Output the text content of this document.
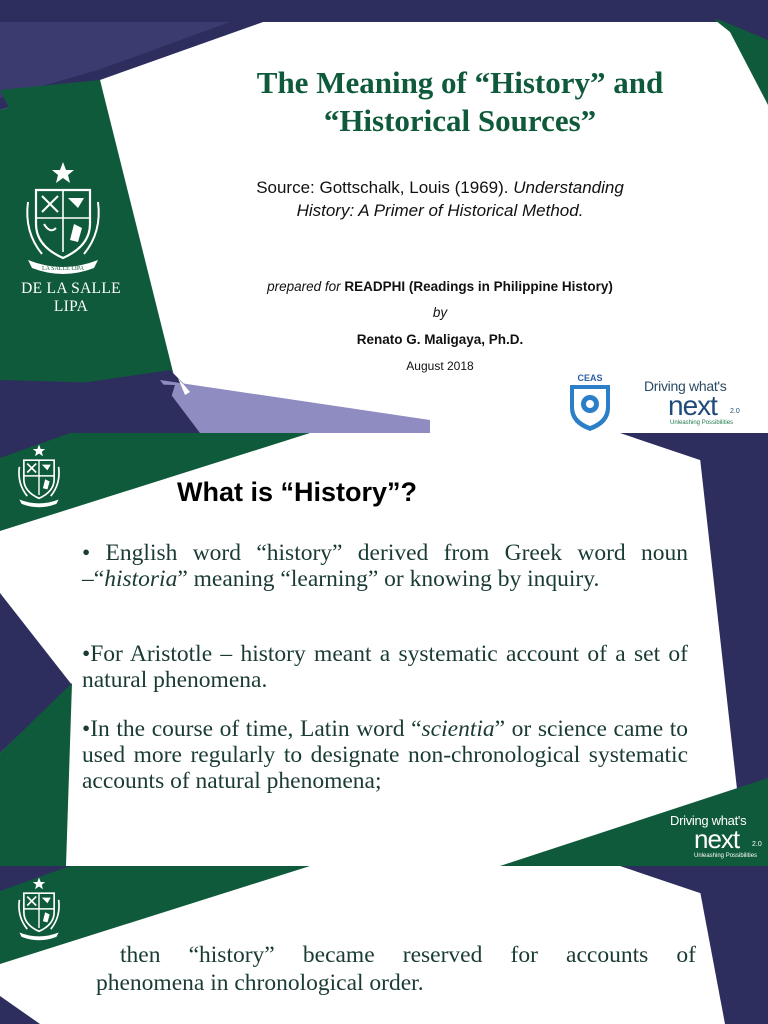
LA SALLE LIPA
DE LA SALLE LIPA
The Meaning of “History” and
“Historical Sources”
Source: Gottschalk, Louis (1969). Understanding
History: A Primer of Historical Method.
prepared for READPHI (Readings in Philippine History)
by
Renato G. Maligaya, Ph.D.
August 2018
CEAS	Driving what's
next 2.0
Unleashing Possibilities
What is “History”?
• English word “history” derived from Greek word noun –“historia” meaning “learning” or knowing by inquiry.
•For Aristotle – history meant a systematic account of a set of natural phenomena.
•In the course of time, Latin word “scientia” or science came to used more regularly to designate non-chronological systematic accounts of natural phenomena;
Driving what's
next 2.0
Unleashing Possibilities
then “history” became reserved for accounts of
phenomena in chronological order.
